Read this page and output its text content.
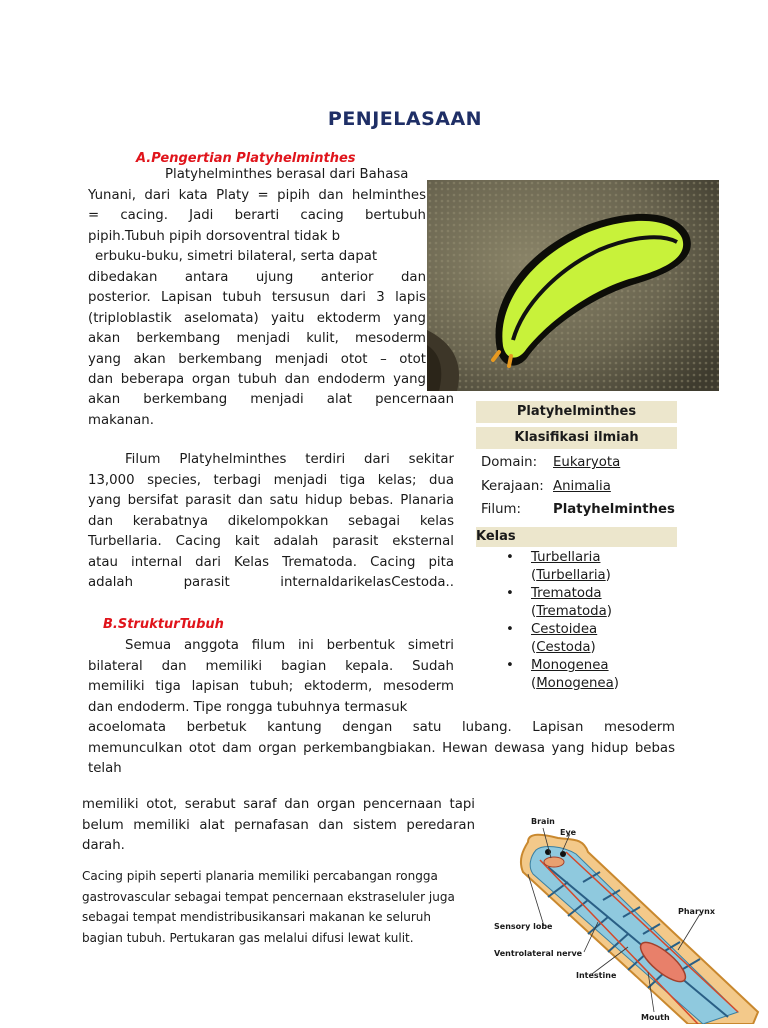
PENJELASAAN
A.Pengertian Platyhelminthes
Platyhelminthes berasal dari Bahasa
Yunani, dari kata Platy = pipih dan helminthes
= cacing. Jadi berarti cacing bertubuh
pipih.Tubuh pipih dorsoventral tidak b
erbuku-buku, simetri bilateral, serta dapat
dibedakan antara ujung anterior dan
posterior. Lapisan tubuh tersusun dari 3 lapis
(triploblastik aselomata) yaitu ektoderm yang
akan berkembang menjadi kulit, mesoderm
yang akan berkembang menjadi otot – otot
dan beberapa organ tubuh dan endoderm yang
akan berkembang menjadi alat pencernaan
makanan.
Platyhelminthes
Klasifikasi ilmiah
Domain: Eukaryota
Kerajaan: Animalia
Filum: Platyhelminthes
Kelas
• Turbellaria
(Turbellaria)
• Trematoda
(Trematoda)
• Cestoidea
(Cestoda)
• Monogenea
(Monogenea)
Filum Platyhelminthes terdiri dari sekitar
13,000 species, terbagi menjadi tiga kelas; dua
yang bersifat parasit dan satu hidup bebas. Planaria
dan kerabatnya dikelompokkan sebagai kelas
Turbellaria. Cacing kait adalah parasit eksternal
atau internal dari Kelas Trematoda. Cacing pita
adalah parasit internaldarikelasCestoda..
B.StrukturTubuh
Semua anggota filum ini berbentuk simetri
bilateral dan memiliki bagian kepala. Sudah
memiliki tiga lapisan tubuh; ektoderm, mesoderm
dan endoderm. Tipe rongga tubuhnya termasuk
acoelomata berbetuk kantung dengan satu lubang. Lapisan mesoderm
memunculkan otot dam organ perkembangbiakan. Hewan dewasa yang hidup bebas
telah
memiliki otot, serabut saraf dan organ pencernaan tapi
belum memiliki alat pernafasan dan sistem peredaran
darah.
Cacing pipih seperti planaria memiliki percabangan rongga
gastrovascular sebagai tempat pencernaan ekstraseluler juga
sebagai tempat mendistribusikansari makanan ke seluruh
bagian tubuh. Pertukaran gas melalui difusi lewat kulit.
Brain
Eye
Pharynx
Sensory lobe
Ventrolateral nerve
Intestine
Mouth
